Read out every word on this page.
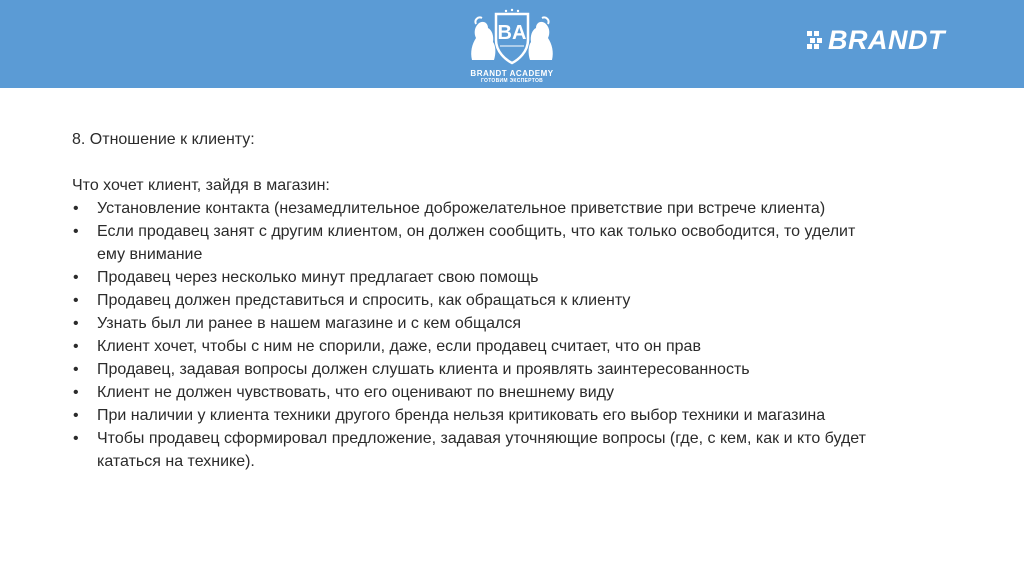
BA
BRANDT ACADEMY
ГОТОВИМ ЭКСПЕРТОВ
BRANDT

8. Отношение к клиенту:

Что хочет клиент, зайдя в магазин:

• Установление контакта (незамедлительное доброжелательное приветствие при встрече клиента)
• Если продавец занят с другим клиентом, он должен сообщить, что как только освободится, то уделит ему внимание
• Продавец через несколько минут предлагает свою помощь
• Продавец должен представиться и спросить, как обращаться к клиенту
• Узнать был ли ранее в нашем магазине и с кем общался
• Клиент хочет, чтобы с ним не спорили, даже, если продавец считает, что он прав
• Продавец, задавая вопросы должен слушать клиента и проявлять заинтересованность
• Клиент не должен чувствовать, что его оценивают по внешнему виду
• При наличии у клиента техники другого бренда нельзя критиковать его выбор техники и магазина
• Чтобы продавец сформировал предложение, задавая уточняющие вопросы (где, с кем, как и кто будет кататься на технике).
